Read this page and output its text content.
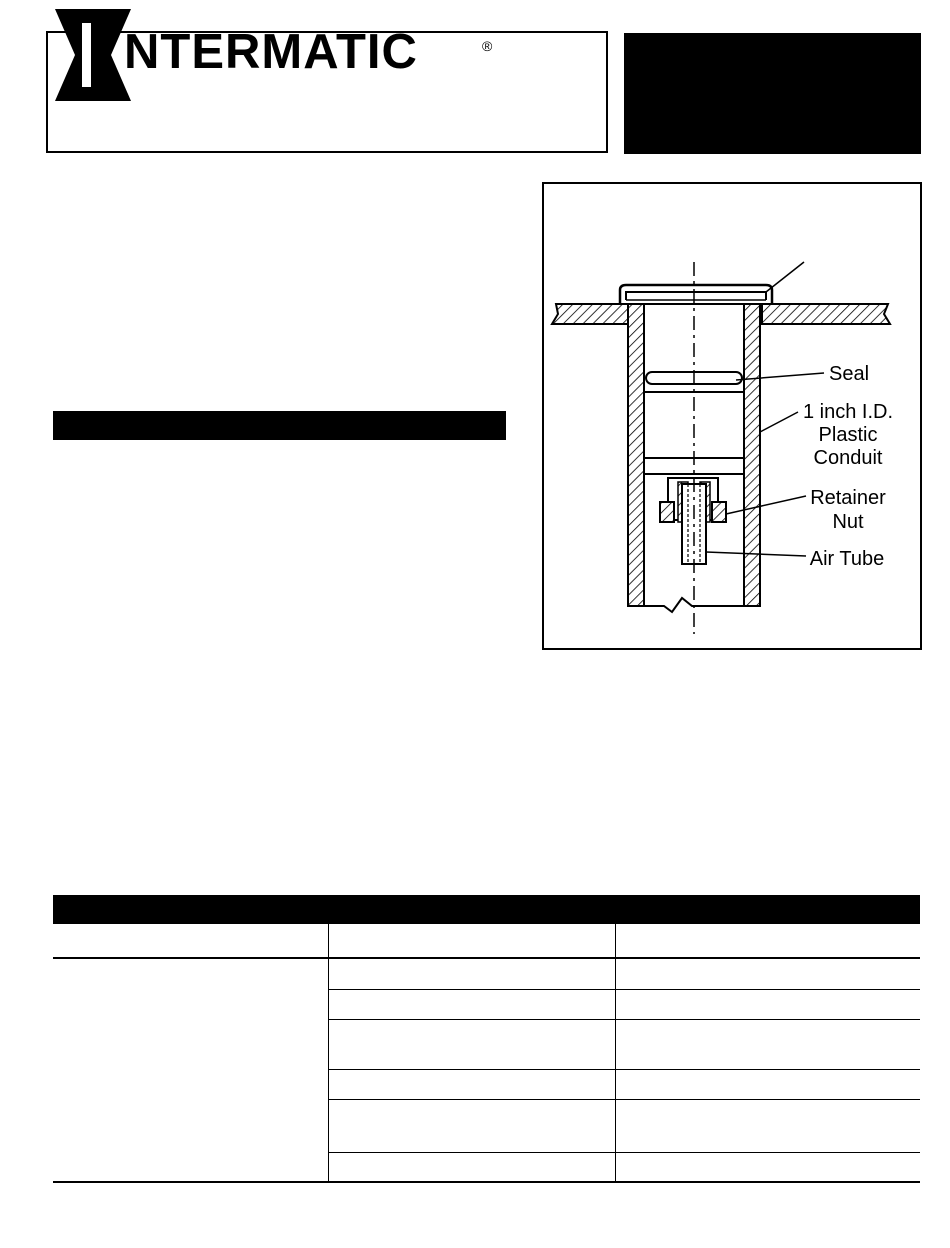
NTERMATIC	®
Seal
1 inch I.D.
Plastic
Conduit
Retainer
Nut
Air Tube
